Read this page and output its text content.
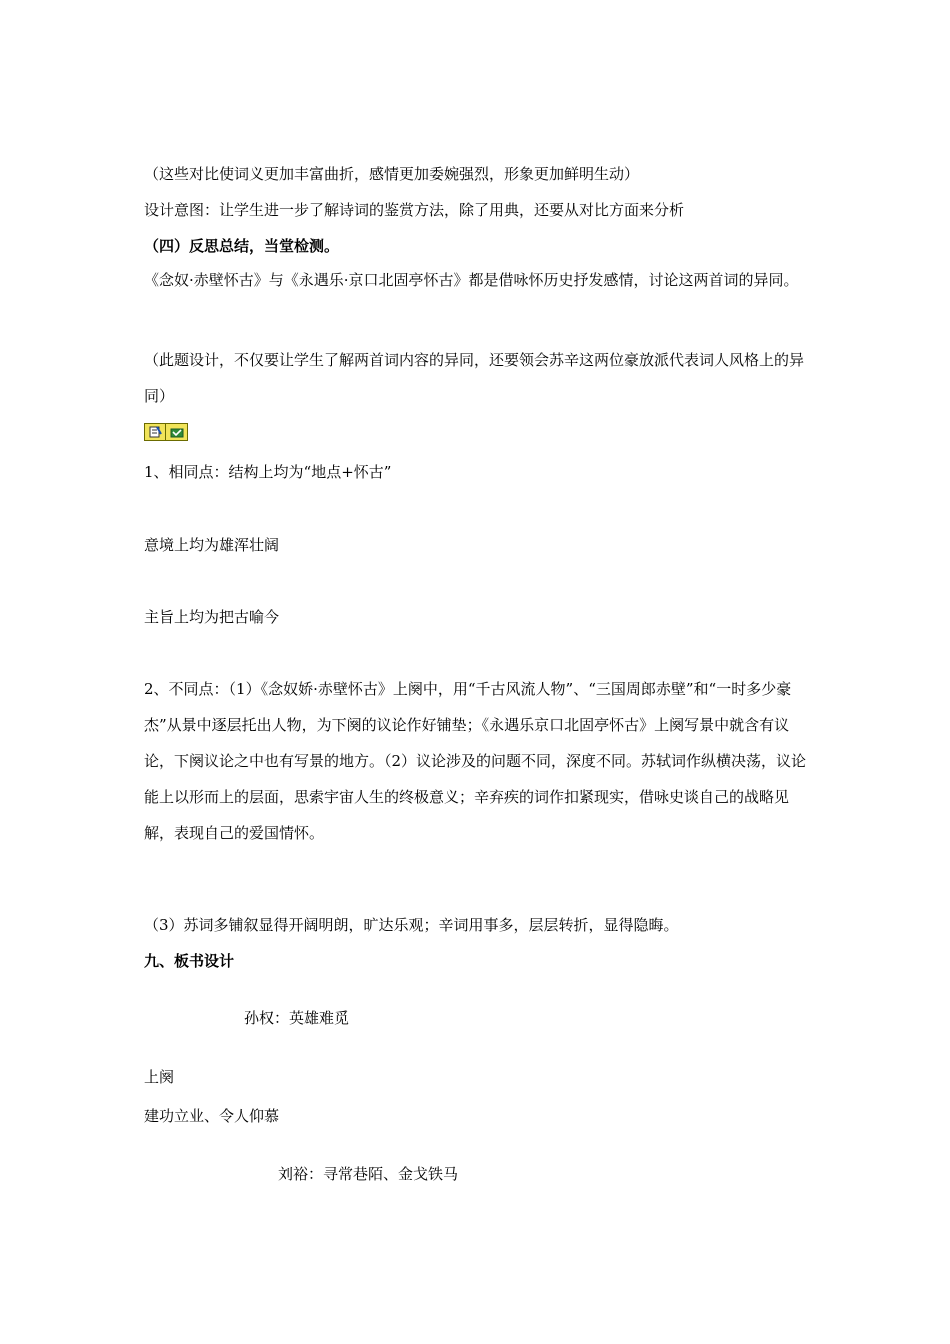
（这些对比使词义更加丰富曲折，感情更加委婉强烈，形象更加鲜明生动）
设计意图：让学生进一步了解诗词的鉴赏方法，除了用典，还要从对比方面来分析
（四）反思总结，当堂检测。
《念奴·赤壁怀古》与《永遇乐·京口北固亭怀古》都是借咏怀历史抒发感情，讨论这两首词的异同。
（此题设计，不仅要让学生了解两首词内容的异同，还要领会苏辛这两位豪放派代表词人风格上的异同）
1、相同点：结构上均为“地点+怀古”
意境上均为雄浑壮阔
主旨上均为把古喻今
2、不同点：（1）《念奴娇·赤壁怀古》上阕中，用“千古风流人物”、“三国周郎赤壁”和“一时多少豪杰”从景中逐层托出人物，为下阕的议论作好铺垫；《永遇乐京口北固亭怀古》上阕写景中就含有议论，下阕议论之中也有写景的地方。（2）议论涉及的问题不同，深度不同。苏轼词作纵横决荡，议论能上以形而上的层面，思索宇宙人生的终极意义；辛弃疾的词作扣紧现实，借咏史谈自己的战略见解，表现自己的爱国情怀。
（3）苏词多铺叙显得开阔明朗，旷达乐观；辛词用事多，层层转折，显得隐晦。
九、板书设计
孙权：英雄难觅
上阕
建功立业、令人仰慕
刘裕：寻常巷陌、金戈铁马
